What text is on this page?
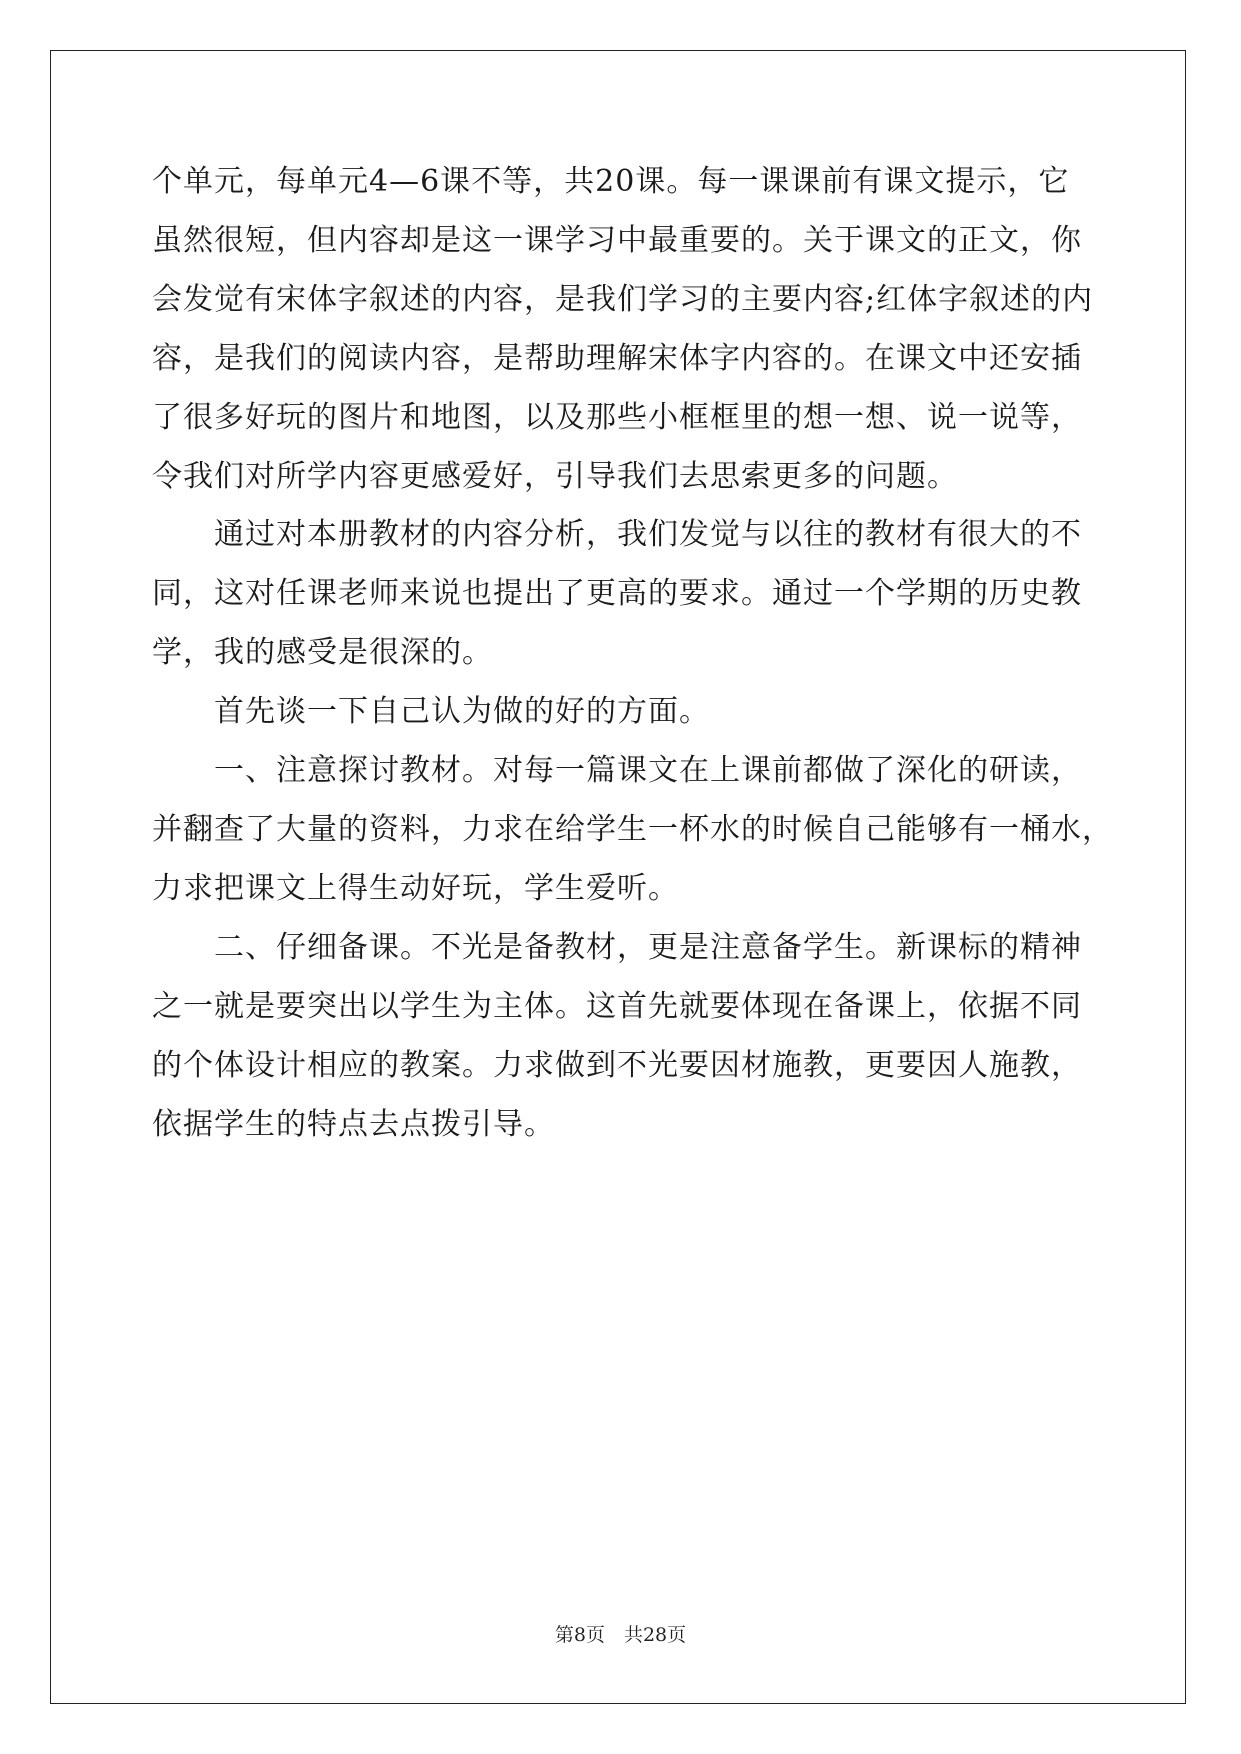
个单元，每单元4—6课不等，共20课。每一课课前有课文提示，它
虽然很短，但内容却是这一课学习中最重要的。关于课文的正文，你
会发觉有宋体字叙述的内容，是我们学习的主要内容;红体字叙述的内
容，是我们的阅读内容，是帮助理解宋体字内容的。在课文中还安插
了很多好玩的图片和地图，以及那些小框框里的想一想、说一说等，
令我们对所学内容更感爱好，引导我们去思索更多的问题。
　　通过对本册教材的内容分析，我们发觉与以往的教材有很大的不
同，这对任课老师来说也提出了更高的要求。通过一个学期的历史教
学，我的感受是很深的。
　　首先谈一下自己认为做的好的方面。
　　一、注意探讨教材。对每一篇课文在上课前都做了深化的研读，
并翻查了大量的资料，力求在给学生一杯水的时候自己能够有一桶水，
力求把课文上得生动好玩，学生爱听。
　　二、仔细备课。不光是备教材，更是注意备学生。新课标的精神
之一就是要突出以学生为主体。这首先就要体现在备课上，依据不同
的个体设计相应的教案。力求做到不光要因材施教，更要因人施教，
依据学生的特点去点拨引导。
第8页　共28页
